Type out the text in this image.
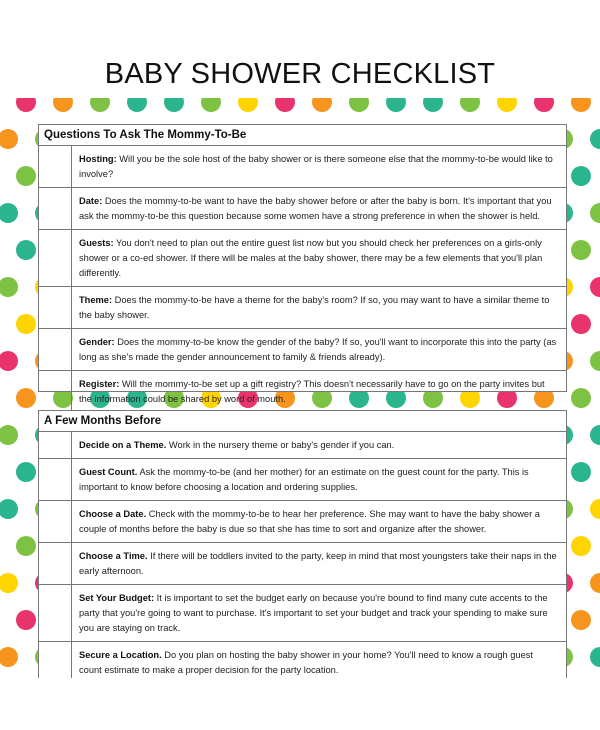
BABY SHOWER CHECKLIST
Questions To Ask The Mommy-To-Be
Hosting: Will you be the sole host of the baby shower or is there someone else that the mommy-to-be would like to involve?
Date: Does the mommy-to-be want to have the baby shower before or after the baby is born. It's important that you ask the mommy-to-be this question because some women have a strong preference in when the shower is held.
Guests: You don't need to plan out the entire guest list now but you should check her preferences on a girls-only shower or a co-ed shower. If there will be males at the baby shower, there may be a few elements that you'll plan differently.
Theme: Does the mommy-to-be have a theme for the baby's room? If so, you may want to have a similar theme to the baby shower.
Gender: Does the mommy-to-be know the gender of the baby? If so, you'll want to incorporate this into the party (as long as she's made the gender announcement to family & friends already).
Register: Will the mommy-to-be set up a gift registry? This doesn't necessarily have to go on the party invites but the information could be shared by word of mouth.
A Few Months Before
Decide on a Theme. Work in the nursery theme or baby's gender if you can.
Guest Count. Ask the mommy-to-be (and her mother) for an estimate on the guest count for the party. This is important to know before choosing a location and ordering supplies.
Choose a Date. Check with the mommy-to-be to hear her preference. She may want to have the baby shower a couple of months before the baby is due so that she has time to sort and organize after the shower.
Choose a Time. If there will be toddlers invited to the party, keep in mind that most youngsters take their naps in the early afternoon.
Set Your Budget: It is important to set the budget early on because you're bound to find many cute accents to the party that you're going to want to purchase. It's important to set your budget and track your spending to make sure you are staying on track.
Secure a Location. Do you plan on hosting the baby shower in your home? You'll need to know a rough guest count estimate to make a proper decision for the party location.
